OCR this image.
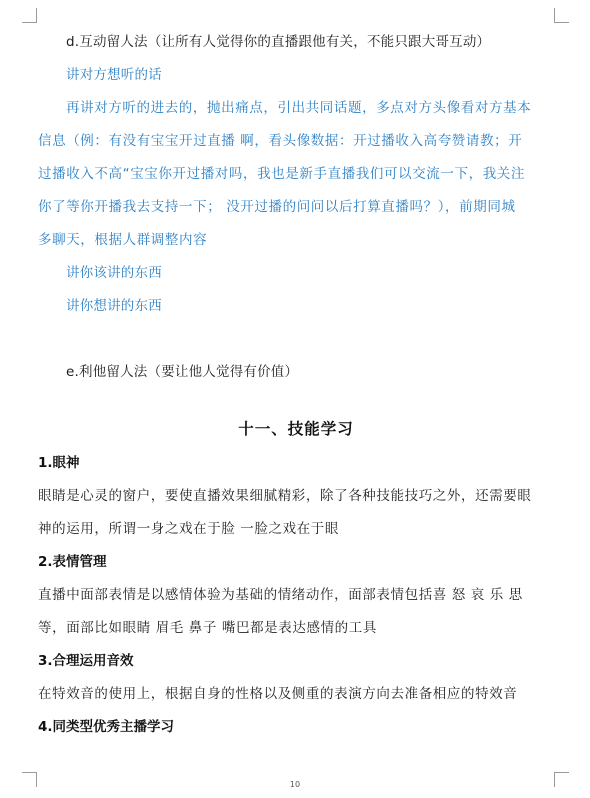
d.互动留人法（让所有人觉得你的直播跟他有关，不能只跟大哥互动）
讲对方想听的话
再讲对方听的进去的，抛出痛点，引出共同话题，多点对方头像看对方基本
信息（例：有没有宝宝开过直播 啊，看头像数据：开过播收入高夸赞请教；开
过播收入不高“宝宝你开过播对吗，我也是新手直播我们可以交流一下，我关注
你了等你开播我去支持一下； 没开过播的问问以后打算直播吗？），前期同城
多聊天，根据人群调整内容
讲你该讲的东西
讲你想讲的东西
e.利他留人法（要让他人觉得有价值）
十一、技能学习
1.眼神
眼睛是心灵的窗户，要使直播效果细腻精彩，除了各种技能技巧之外，还需要眼
神的运用，所谓一身之戏在于脸 一脸之戏在于眼
2.表情管理
直播中面部表情是以感情体验为基础的情绪动作，面部表情包括喜 怒 哀 乐 思
等，面部比如眼睛 眉毛 鼻子 嘴巴都是表达感情的工具
3.合理运用音效
在特效音的使用上，根据自身的性格以及侧重的表演方向去准备相应的特效音
4.同类型优秀主播学习
10
